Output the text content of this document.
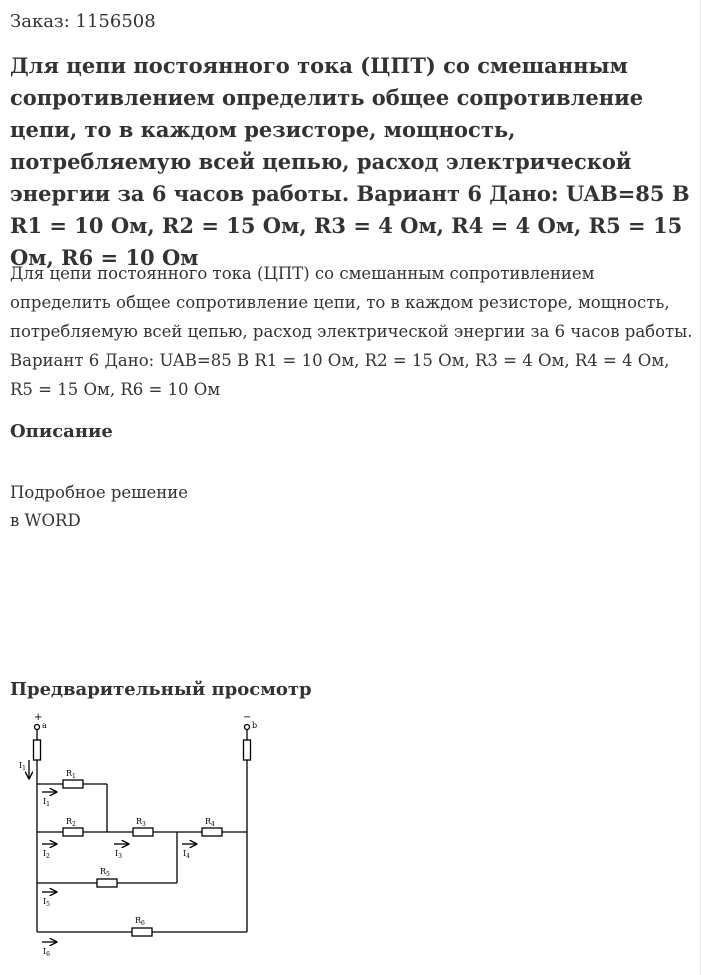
Заказ: 1156508
Для цепи постоянного тока (ЦПТ) со смешанным сопротивлением определить общее сопротивление цепи, то в каждом резисторе, мощность, потребляемую всей цепью, расход электрической энергии за 6 часов работы. Вариант 6 Дано: UAB=85 В R1 = 10 Ом, R2 = 15 Ом, R3 = 4 Ом, R4 = 4 Ом, R5 = 15 Ом, R6 = 10 Ом

Для цепи постоянного тока (ЦПТ) со смешанным сопротивлением определить общее сопротивление цепи, то в каждом резисторе, мощность, потребляемую всей цепью, расход электрической энергии за 6 часов работы. Вариант 6 Дано: UAB=85 В R1 = 10 Ом, R2 = 15 Ом, R3 = 4 Ом, R4 = 4 Ом, R5 = 15 Ом, R6 = 10 Ом

Описание
Подробное решение
в WORD
Предварительный просмотр
+
a
−
b
$I_1$
$R_1$
$R_2$	$R_3$	$R_4$
$R_5$
$R_6$
$I_1$
$I_2$	$I_3$	$I_4$
$I_5$
$I_6$
